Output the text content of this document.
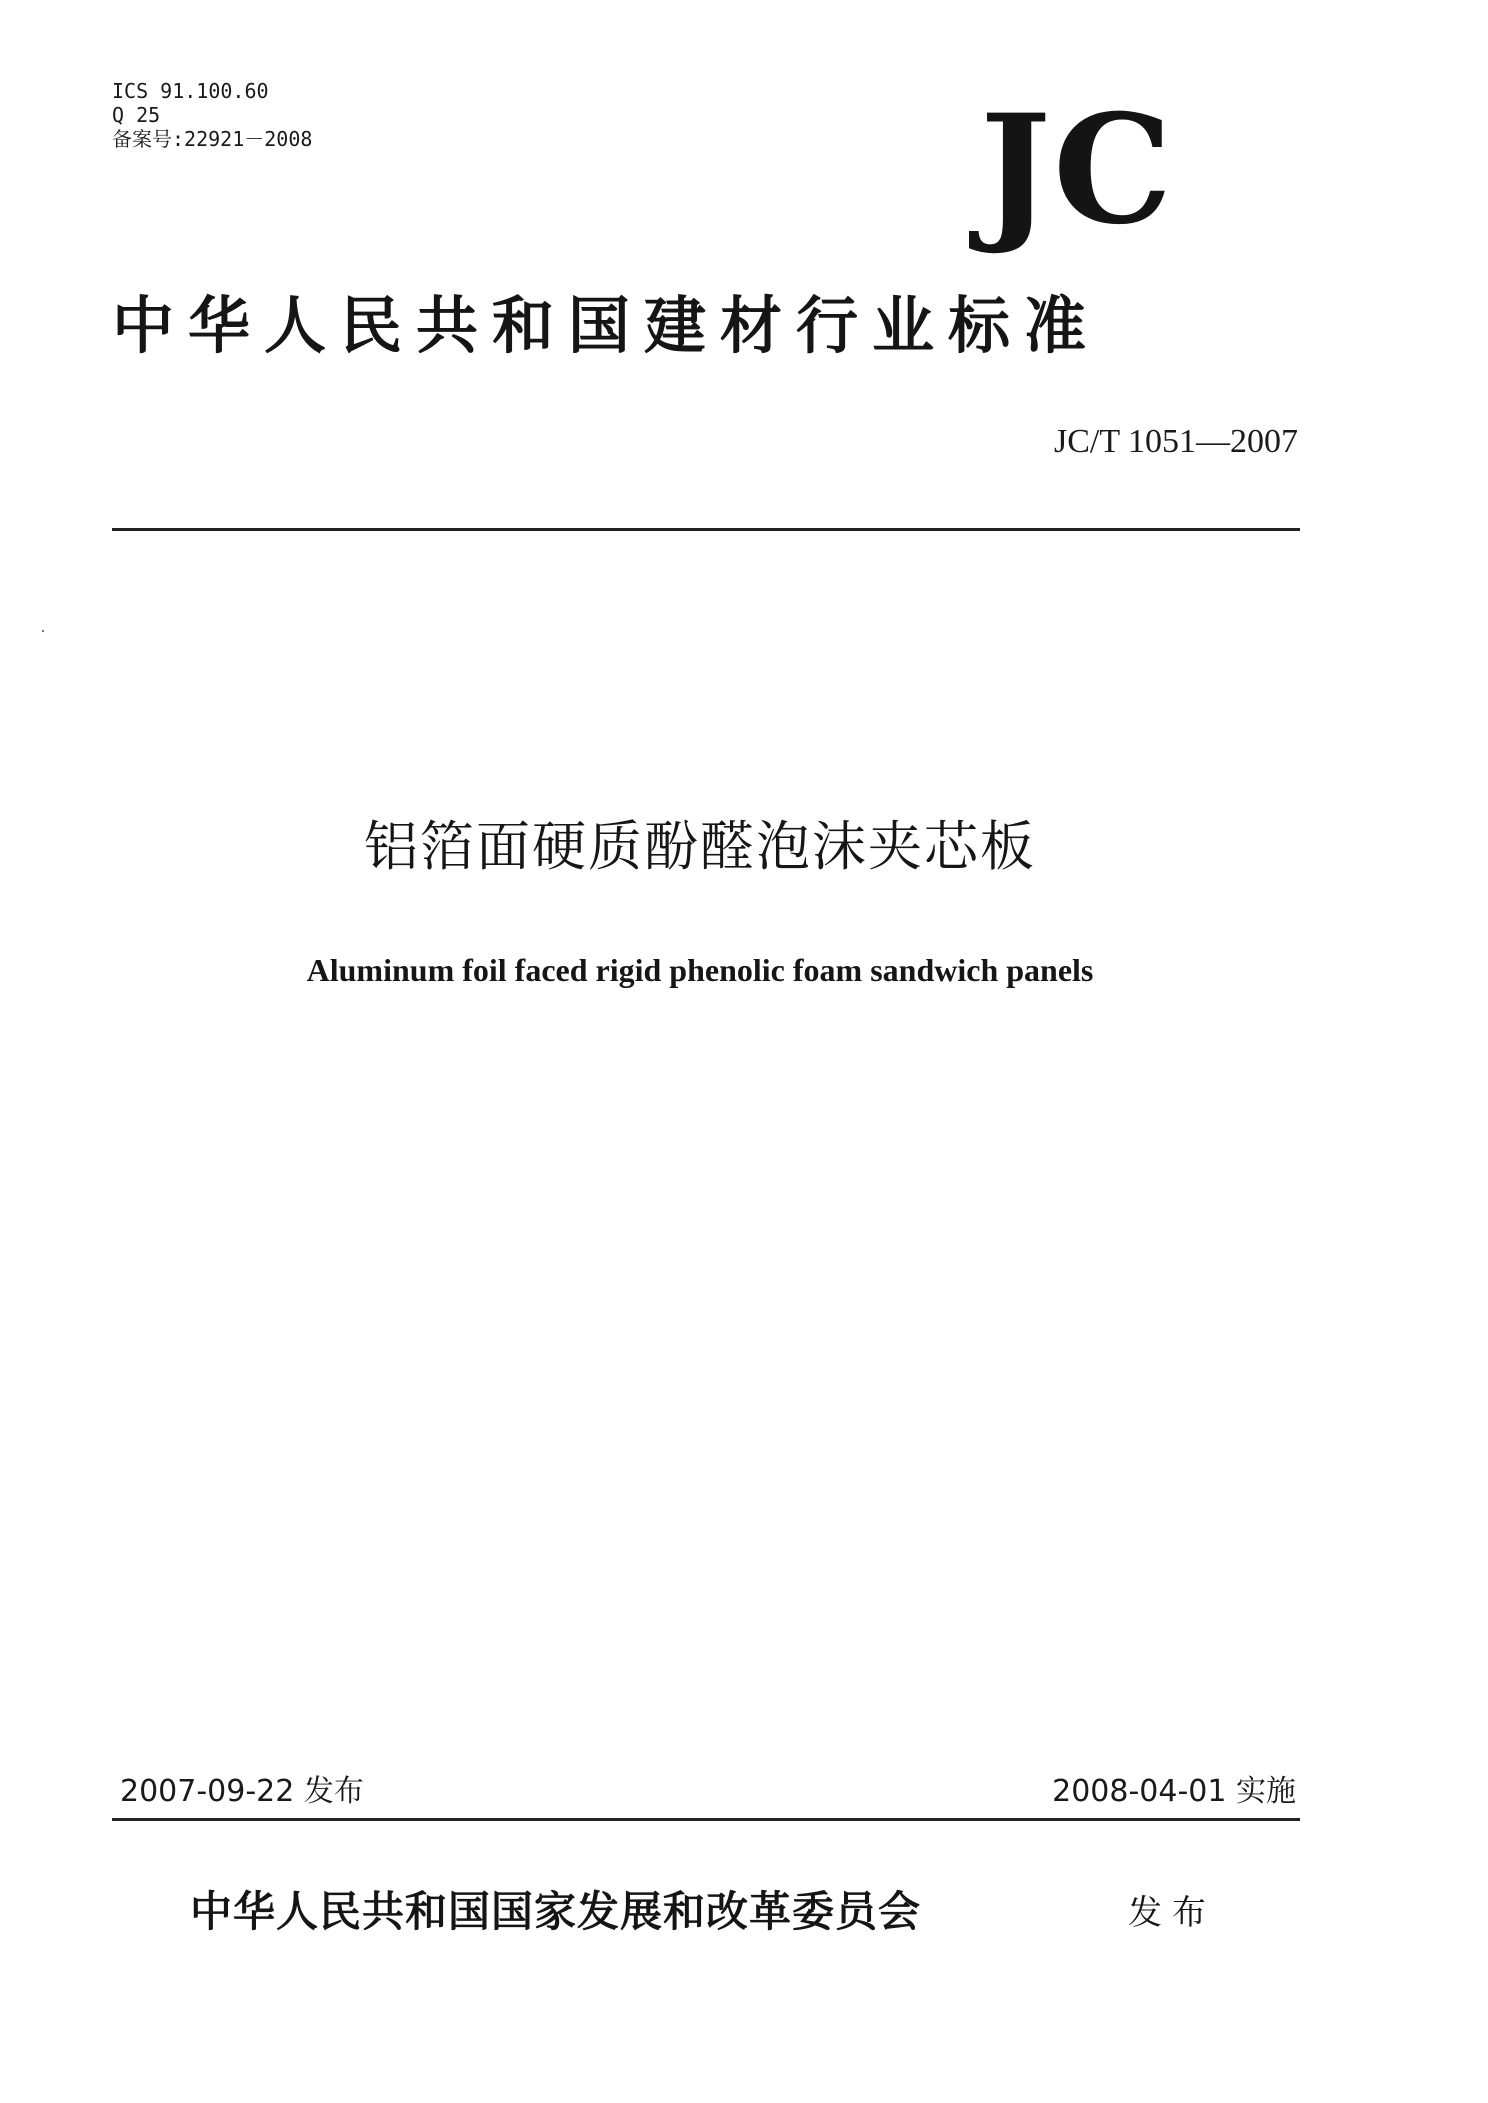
ICS 91.100.60
Q 25
备案号:22921－2008	JC
中华人民共和国建材行业标准
JC/T 1051—2007
铝箔面硬质酚醛泡沫夹芯板
Aluminum foil faced rigid phenolic foam sandwich panels
2007-09-22 发布	2008-04-01 实施
中华人民共和国国家发展和改革委员会	发布
